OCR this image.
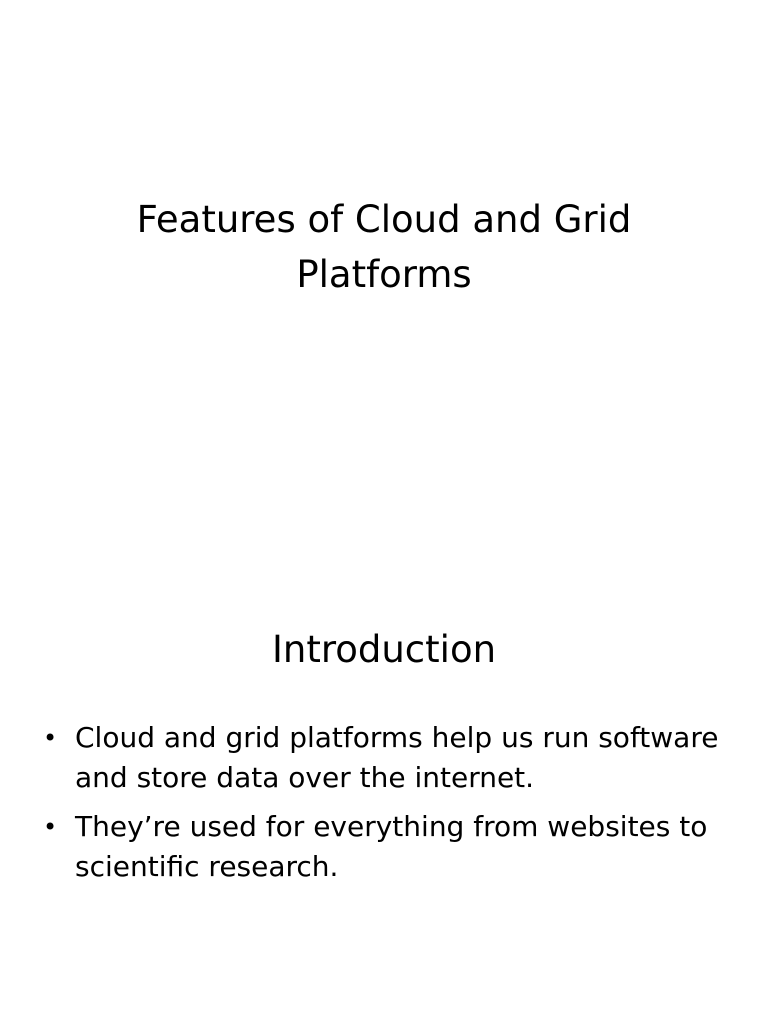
Features of Cloud and Grid Platforms
Introduction
• Cloud and grid platforms help us run software and store data over the internet.
• They’re used for everything from websites to scientific research.
